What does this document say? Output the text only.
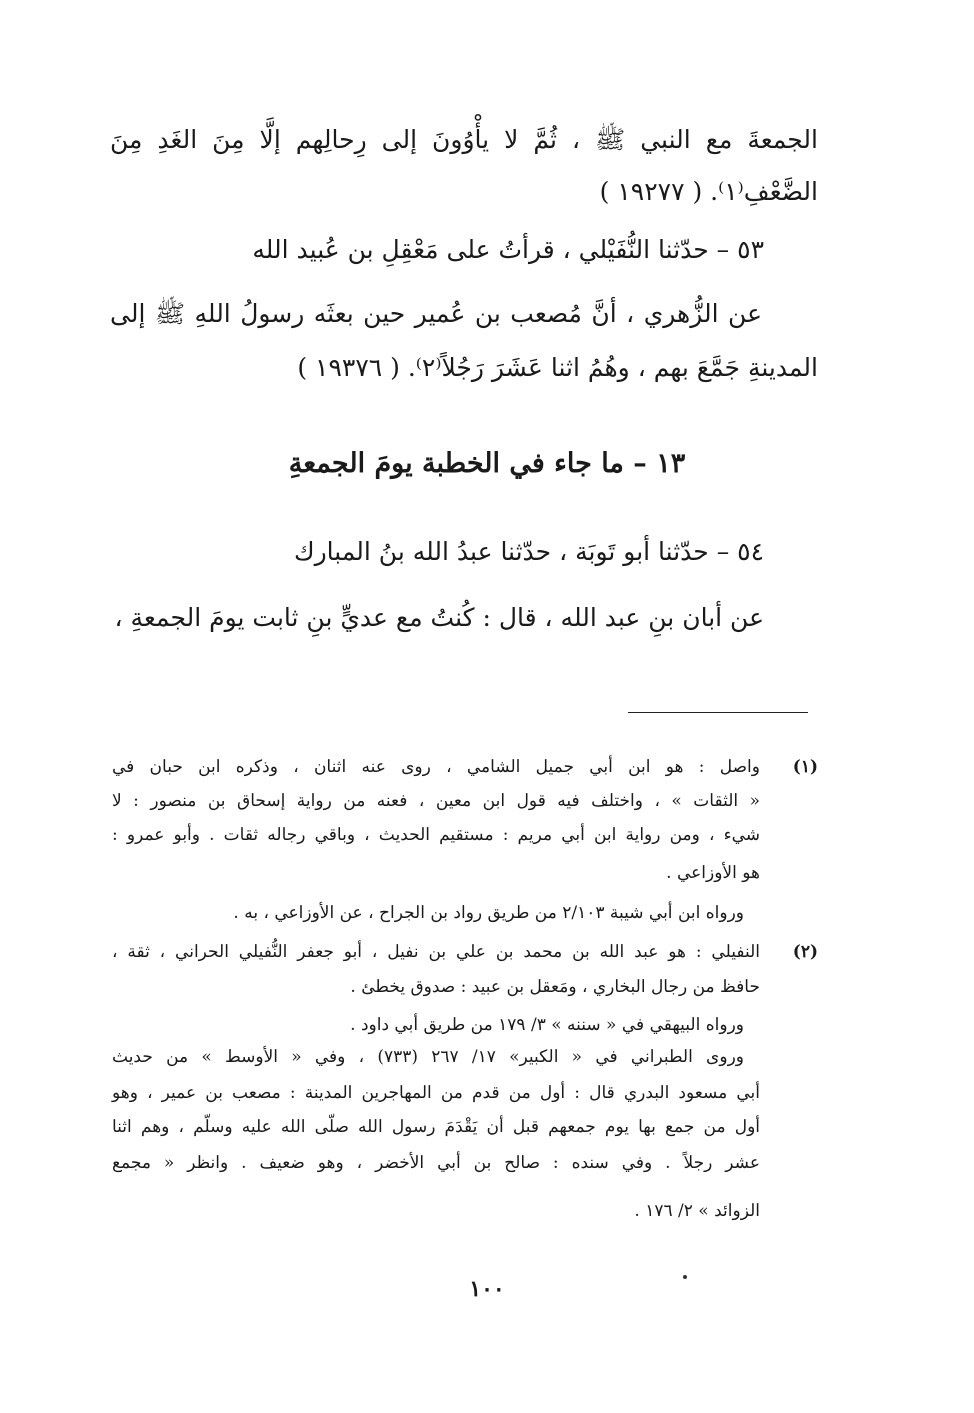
الجمعةَ مع النبي ﷺ ، ثُمَّ لا يأْوُونَ إلى رِحالِهم إلَّا مِنَ الغَدِ مِنَ
الضَّعْفِ⁽١⁾. ( ١٩٢٧٧ )
٥٣ – حدّثنا النُّفَيْلي ، قرأتُ على مَعْقِلِ بن عُبيد الله
عن الزُّهري ، أنَّ مُصعب بن عُمير حين بعثَه رسولُ اللهِ ﷺ إلى
المدينةِ جَمَّعَ بهم ، وهُمُ اثنا عَشَرَ رَجُلاً⁽٢⁾. ( ١٩٣٧٦ )
١٣ – ما جاء في الخطبة يومَ الجمعةِ
٥٤ – حدّثنا أبو تَوبَة ، حدّثنا عبدُ الله بنُ المبارك
عن أبان بنِ عبد الله ، قال : كُنتُ مع عديٍّ بنِ ثابت يومَ الجمعةِ ،
(١)
واصل : هو ابن أبي جميل الشامي ، روى عنه اثنان ، وذكره ابن حبان في
« الثقات » ، واختلف فيه قول ابن معين ، فعنه من رواية إسحاق بن منصور : لا
شيء ، ومن رواية ابن أبي مريم : مستقيم الحديث ، وباقي رجاله ثقات . وأبو عمرو :
هو الأوزاعي .
ورواه ابن أبي شيبة ٢/١٠٣ من طريق رواد بن الجراح ، عن الأوزاعي ، به .
(٢)
النفيلي : هو عبد الله بن محمد بن علي بن نفيل ، أبو جعفر النُّفيلي الحراني ، ثقة ،
حافظ من رجال البخاري ، ومَعقل بن عبيد : صدوق يخطئ .
ورواه البيهقي في « سننه » ٣/ ١٧٩ من طريق أبي داود .
وروى الطبراني في « الكبير» ١٧/ ٢٦٧ (٧٣٣) ، وفي « الأوسط » من حديث
أبي مسعود البدري قال : أول من قدم من المهاجرين المدينة : مصعب بن عمير ، وهو
أول من جمع بها يوم جمعهم قبل أن يَقْدَمَ رسول الله صلّى الله عليه وسلّم ، وهم اثنا
عشر رجلاً . وفي سنده : صالح بن أبي الأخضر ، وهو ضعيف . وانظر « مجمع
الزوائد » ٢/ ١٧٦ .
١٠٠
